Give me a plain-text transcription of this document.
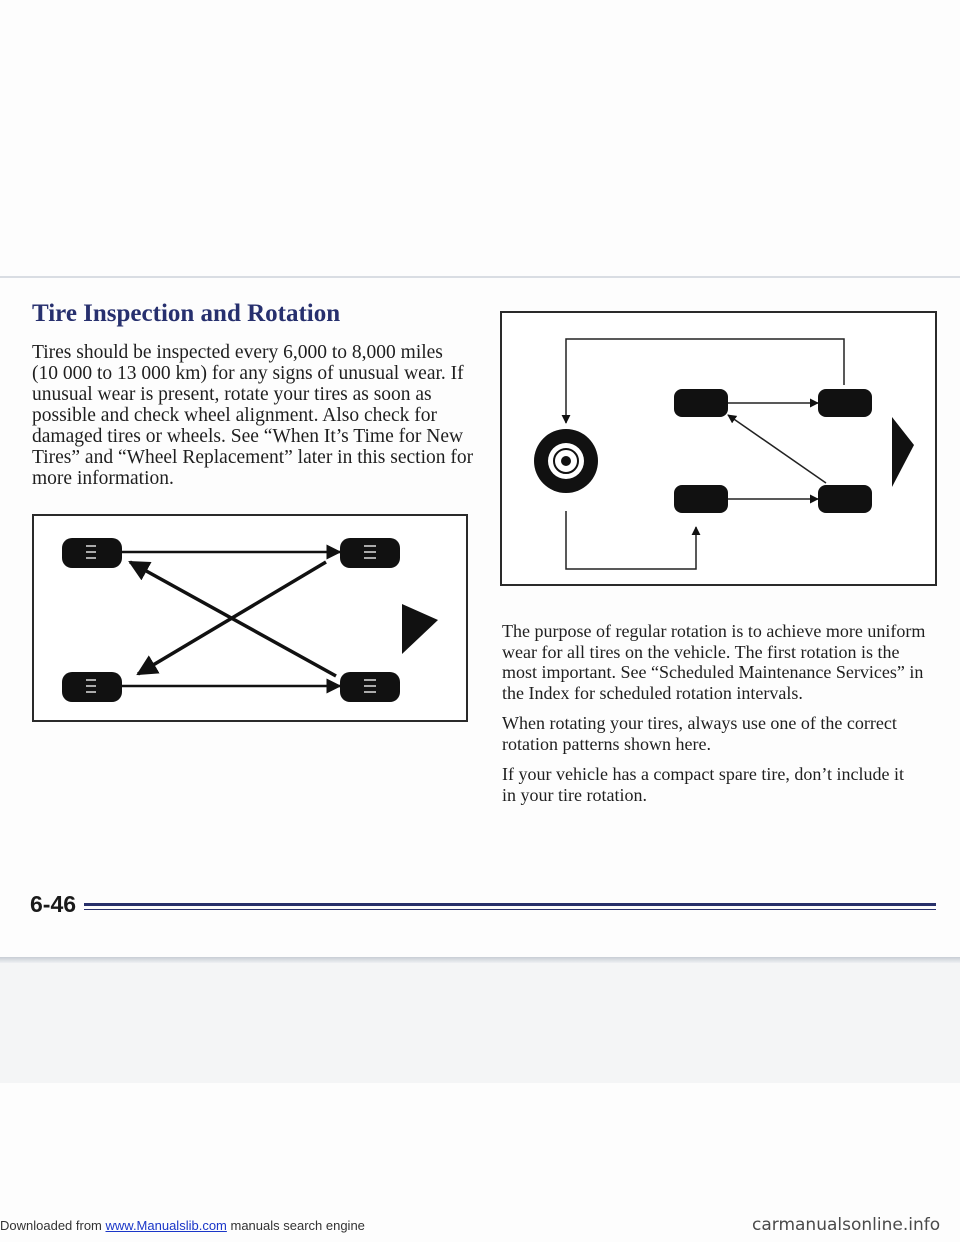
Tire Inspection and Rotation

Tires should be inspected every 6,000 to 8,000 miles
(10 000 to 13 000 km) for any signs of unusual wear. If
unusual wear is present, rotate your tires as soon as
possible and check wheel alignment. Also check for
damaged tires or wheels. See “When It’s Time for New
Tires” and “Wheel Replacement” later in this section for
more information.

The purpose of regular rotation is to achieve more uniform
wear for all tires on the vehicle. The first rotation is the
most important. See “Scheduled Maintenance Services” in
the Index for scheduled rotation intervals.

When rotating your tires, always use one of the correct
rotation patterns shown here.

If your vehicle has a compact spare tire, don’t include it
in your tire rotation.

6-46
Downloaded from www.Manualslib.com manuals search engine	carmanualsonline.info
